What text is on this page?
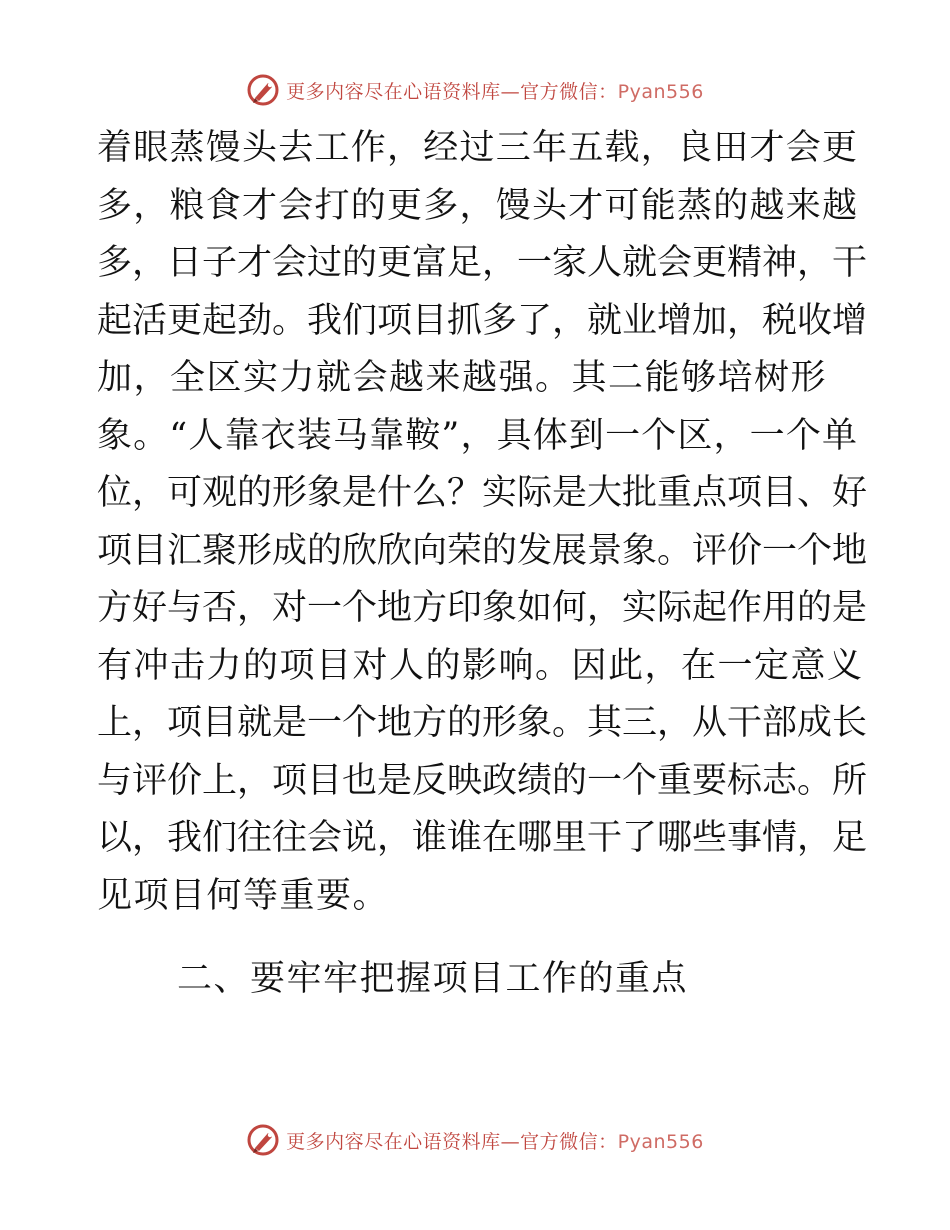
更多内容尽在心语资料库—官方微信：Pyan556
着眼蒸馒头去工作，经过三年五载，良田才会更
多，粮食才会打的更多，馒头才可能蒸的越来越
多，日子才会过的更富足，一家人就会更精神，干
起活更起劲。我们项目抓多了，就业增加，税收增
加，全区实力就会越来越强。其二能够培树形
象。“人靠衣装马靠鞍”，具体到一个区，一个单
位，可观的形象是什么？实际是大批重点项目、好
项目汇聚形成的欣欣向荣的发展景象。评价一个地
方好与否，对一个地方印象如何，实际起作用的是
有冲击力的项目对人的影响。因此，在一定意义
上，项目就是一个地方的形象。其三，从干部成长
与评价上，项目也是反映政绩的一个重要标志。所
以，我们往往会说，谁谁在哪里干了哪些事情，足
见项目何等重要。
二、要牢牢把握项目工作的重点
更多内容尽在心语资料库—官方微信：Pyan556
